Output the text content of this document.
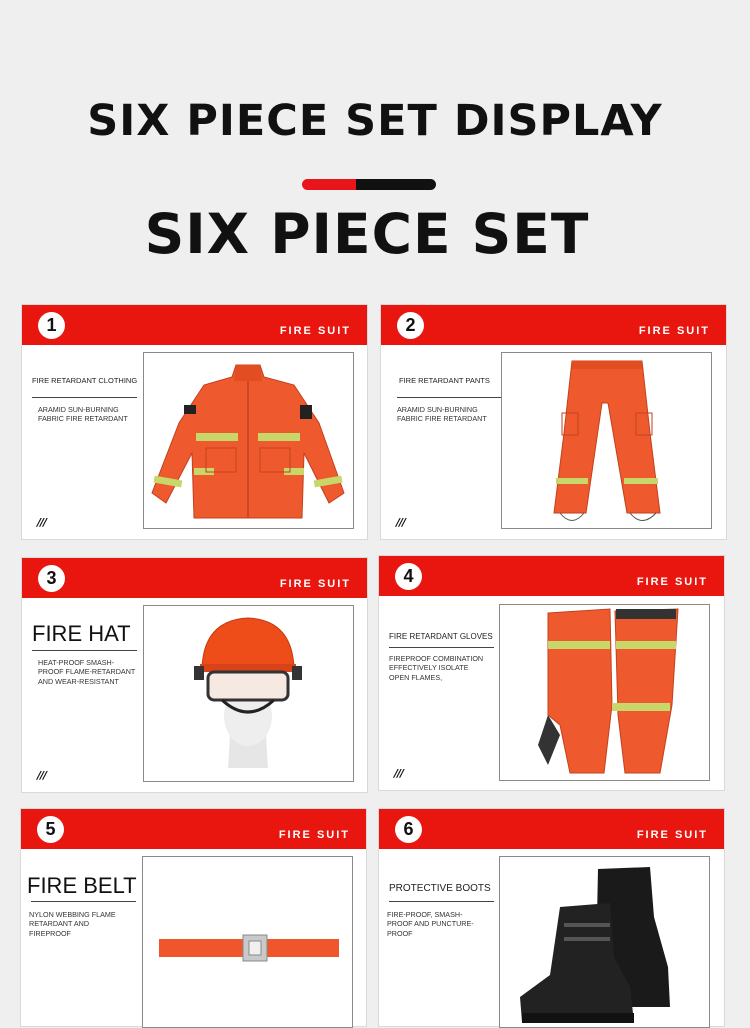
SIX PIECE SET DISPLAY
SIX PIECE SET
1	FIRE SUIT
FIRE RETARDANT CLOTHING
ARAMID SUN-BURNING FABRIC FIRE RETARDANT
///
2	FIRE SUIT
FIRE RETARDANT PANTS
ARAMID SUN-BURNING FABRIC FIRE RETARDANT
///
3	FIRE SUIT
FIRE HAT
HEAT-PROOF SMASH-PROOF FLAME-RETARDANT AND WEAR-RESISTANT
///
4	FIRE SUIT
FIRE RETARDANT GLOVES
FIREPROOF COMBINATION EFFECTIVELY ISOLATE OPEN FLAMES,
///
5	FIRE SUIT
FIRE BELT
NYLON WEBBING FLAME RETARDANT AND FIREPROOF
6	FIRE SUIT
PROTECTIVE BOOTS
FIRE-PROOF, SMASH-PROOF AND PUNCTURE-PROOF
